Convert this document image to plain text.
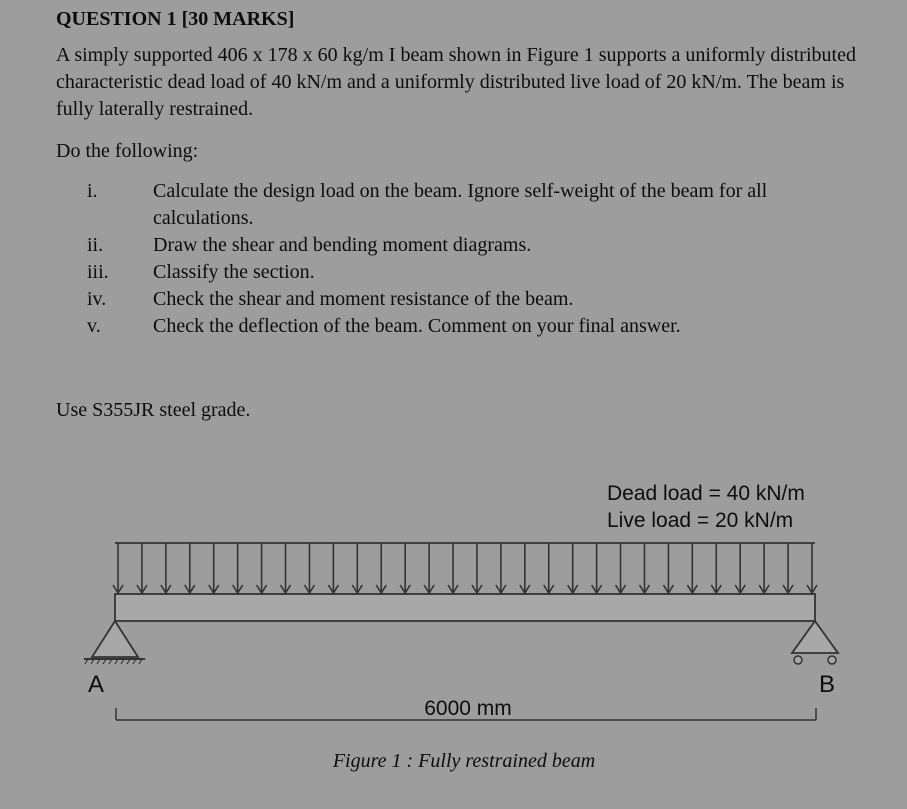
QUESTION 1 [30 MARKS]

A simply supported 406 x 178 x 60 kg/m I beam shown in Figure 1 supports a uniformly distributed characteristic dead load of 40 kN/m and a uniformly distributed live load of 20 kN/m. The beam is fully laterally restrained.

Do the following:

i.	Calculate the design load on the beam. Ignore self-weight of the beam for all calculations.
ii. Draw the shear and bending moment diagrams.
iii. Classify the section.
iv. Check the shear and moment resistance of the beam.
v.	Check the deflection of the beam. Comment on your final answer.

Use S355JR steel grade.

Dead load = 40 kN/m
Live load = 20 kN/m
A	B
6000 mm
Figure 1 : Fully restrained beam
